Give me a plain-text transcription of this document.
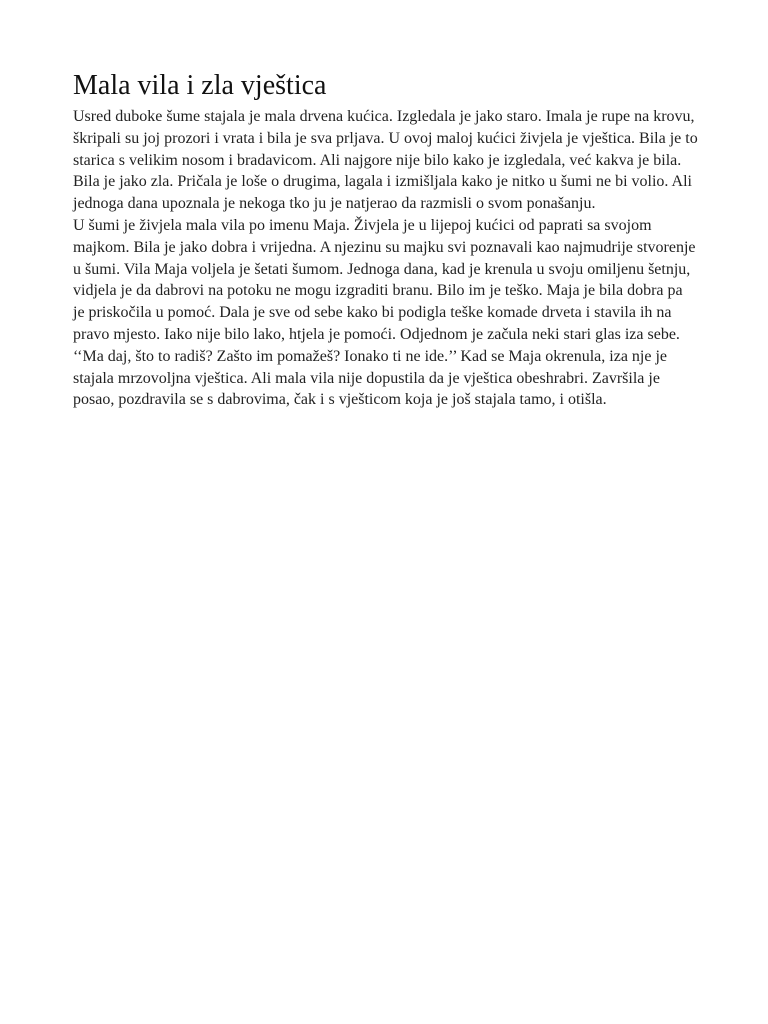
Mala vila i zla vještica

Usred duboke šume stajala je mala drvena kućica. Izgledala je jako staro. Imala je rupe na krovu, škripali su joj prozori i vrata i bila je sva prljava. U ovoj maloj kućici živjela je vještica. Bila je to starica s velikim nosom i bradavicom. Ali najgore nije bilo kako je izgledala, već kakva je bila. Bila je jako zla. Pričala je loše o drugima, lagala i izmišljala kako je nitko u šumi ne bi volio. Ali jednoga dana upoznala je nekoga tko ju je natjerao da razmisli o svom ponašanju.

U šumi je živjela mala vila po imenu Maja. Živjela je u lijepoj kućici od paprati sa svojom majkom. Bila je jako dobra i vrijedna. A njezinu su majku svi poznavali kao najmudrije stvorenje u šumi. Vila Maja voljela je šetati šumom. Jednoga dana, kad je krenula u svoju omiljenu šetnju, vidjela je da dabrovi na potoku ne mogu izgraditi branu. Bilo im je teško. Maja je bila dobra pa je priskočila u pomoć. Dala je sve od sebe kako bi podigla teške komade drveta i stavila ih na pravo mjesto. Iako nije bilo lako, htjela je pomoći. Odjednom je začula neki stari glas iza sebe. ‘‘Ma daj, što to radiš? Zašto im pomažeš? Ionako ti ne ide.’’ Kad se Maja okrenula, iza nje je stajala mrzovoljna vještica. Ali mala vila nije dopustila da je vještica obeshrabri. Završila je posao, pozdravila se s dabrovima, čak i s vješticom koja je još stajala tamo, i otišla.
